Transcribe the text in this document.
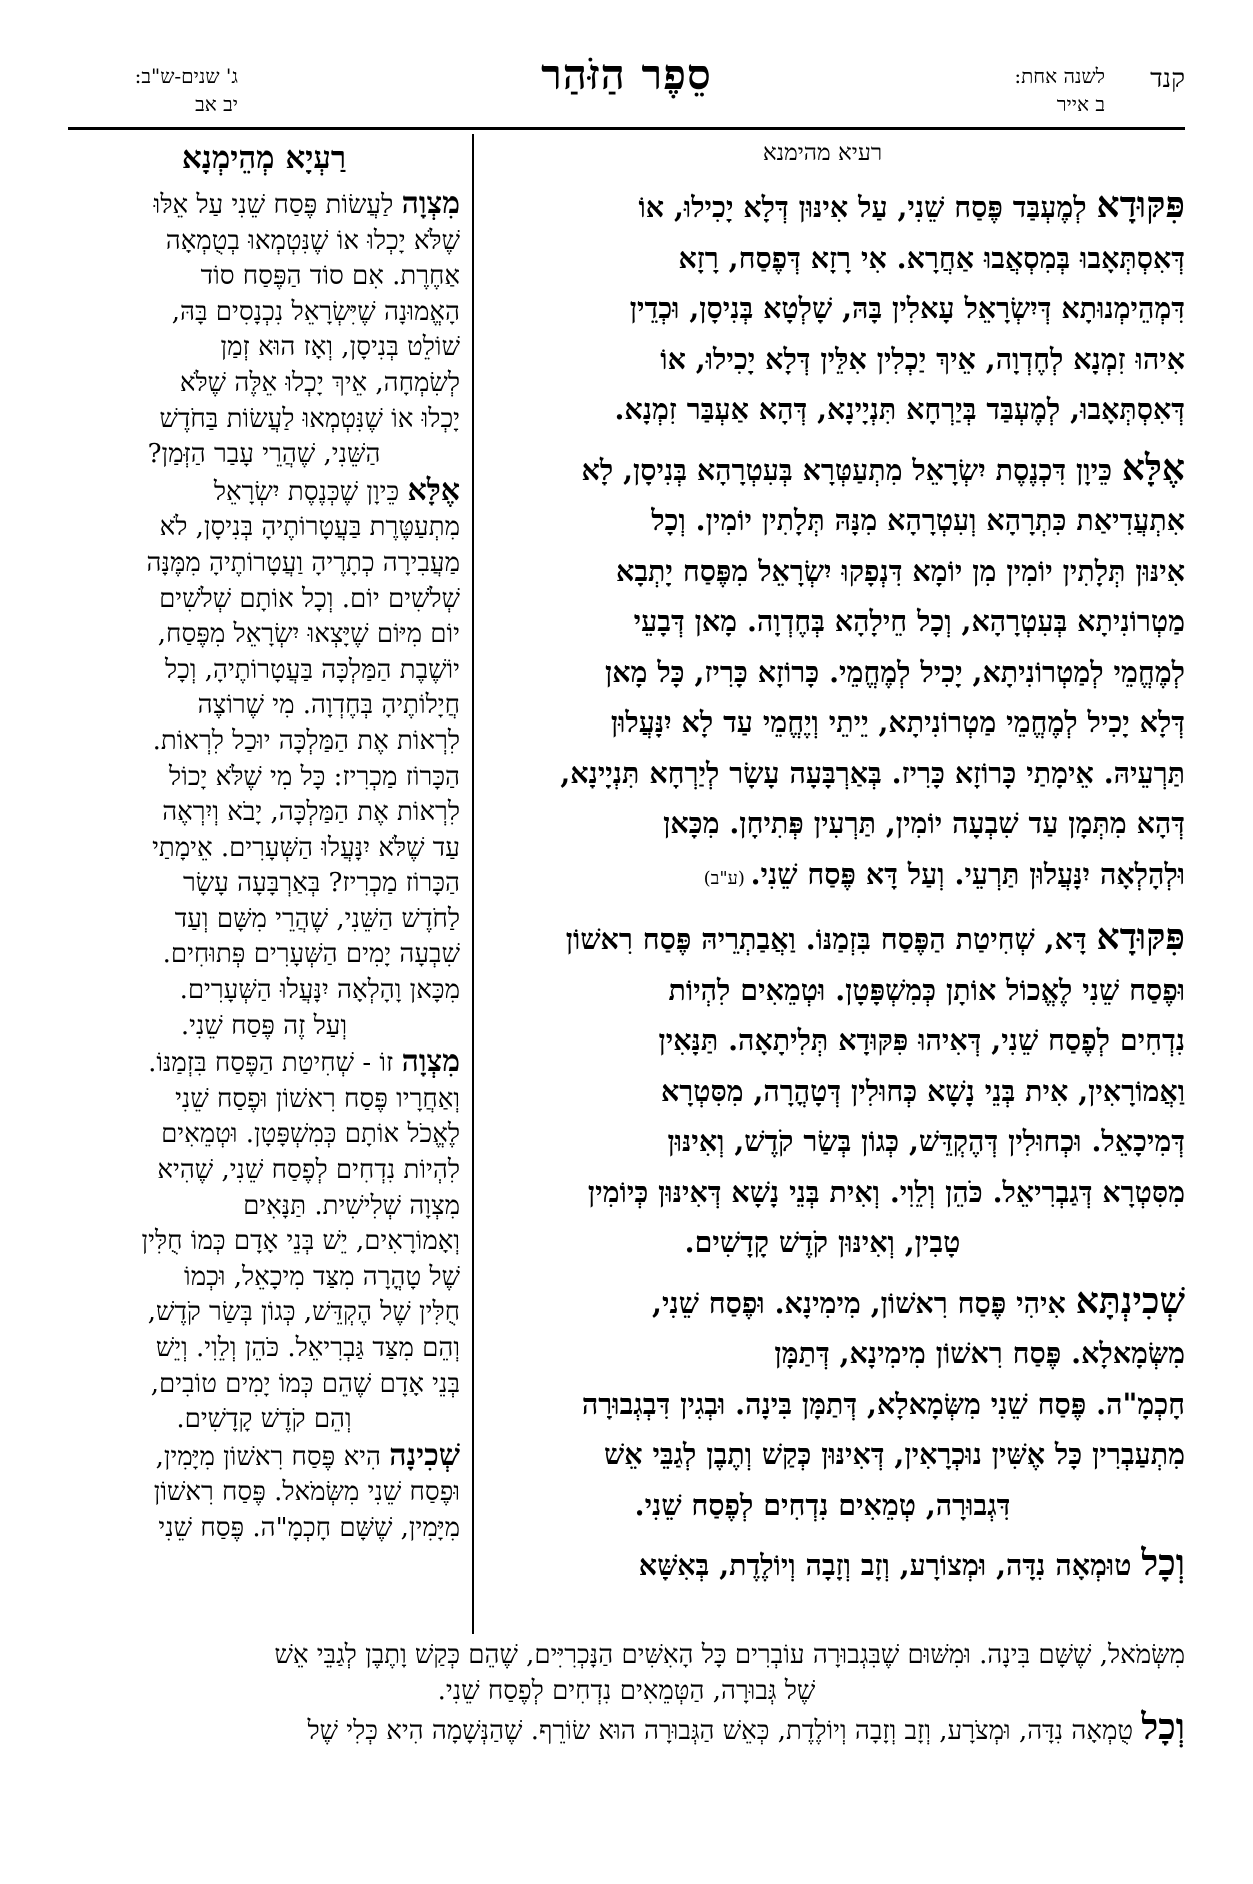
קנד
לשנה אחת:
ב אייר
סֵפֶר הַזֹּהַר
ג' שנים-ש"ב:
יב אב
רעיא מהימנא
פִּקּוּדָא לְמֶעְבַּד פֶּסַח שֵׁנִי, עַל אִינּוּן דְּלָא יָכִילוּ, אוֹ
דְּאִסְתְּאָבוּ בְּמִסְאֲבוּ אַחֲרָא. אִי רָזָא דְּפֶסַח, רָזָא
דִּמְהֵימְנוּתָא דְּיִשְׂרָאֵל עָאלִין בָּהּ, שָׁלְטָא בְּנִיסָן, וּכְדֵין
אִיהוּ זִמְנָא לְחֶדְוָה, אֵיךְ יַכְלִין אִלֵּין דְּלָא יָכִילוּ, אוֹ
דְּאִסְתְּאָבוּ, לְמֶעְבַּד בְּיַרְחָא תִּנְיָינָא, דְּהָא אַעְבַּר זִמְנָא.
אֶלָּא כֵּיוָן דִּכְנֶסֶת יִשְׂרָאֵל מִתְעַטְּרָא בְּעִטְרָהָא בְּנִיסָן, לָא
אִתְעֲדִיאַת כִּתְרָהָא וְעִטְרָהָא מִנָּהּ תְּלָתִין יוֹמִין. וְכָל
אִינּוּן תְּלָתִין יוֹמִין מִן יוֹמָא דִּנְפָקוּ יִשְׂרָאֵל מִפֶּסַח יָתְבָא
מַטְרוֹנִיתָא בְּעִטְרָהָא, וְכָל חֵילָהָא בְּחֶדְוָה. מָאן דְּבָעֵי
לְמֶחֱמֵי לְמַטְרוֹנִיתָא, יָכִיל לְמֶחֱמֵי. כָּרוֹזָא כָּרִיז, כָּל מָאן
דְּלָא יָכִיל לְמֶחֱמֵי מַטְרוֹנִיתָא, יֵיתֵי וְיֶחֱמֵי עַד לָא יִנָּעֲלוּן
תַּרְעֵיהּ. אֵימָתַי כָּרוֹזָא כָּרִיז. בְּאַרְבָּעָה עָשָׂר לְיַרְחָא תִּנְיָינָא,
דְּהָא מִתְּמָן עַד שִׁבְעָה יוֹמִין, תַּרְעִין פְּתִיחָן. מִכָּאן
וּלְהָלְאָה יִנָּעֲלוּן תַּרְעֵי. וְעַל דָּא פֶּסַח שֵׁנִי. (ע"ב)
פִּקּוּדָא דָּא, שְׁחִיטַת הַפֶּסַח בִּזְמַנּוֹ. וַאֲבַתְרֵיהּ פֶּסַח רִאשׁוֹן
וּפֶסַח שֵׁנִי לֶאֱכוֹל אוֹתָן כְּמִשְׁפָּטָן. וּטְמֵאִים לִהְיוֹת
נִדְחִים לְפֶסַח שֵׁנִי, דְּאִיהוּ פִּקּוּדָא תְּלִיתָאָה. תַּנָּאִין
וַאֲמוֹרָאִין, אִית בְּנֵי נָשָׁא כְּחוּלִין דְּטָהֳרָה, מִסִּטְרָא
דְּמִיכָאֵל. וּכְחוּלִין דְּהֶקְדֵּשׁ, כְּגוֹן בְּשַׂר קֹדֶשׁ, וְאִינּוּן
מִסִּטְרָא דְּגַבְרִיאֵל. כֹּהֵן וְלֵוִי. וְאִית בְּנֵי נָשָׁא דְּאִינּוּן כְּיוֹמִין
טָבִין, וְאִינּוּן קֹדֶשׁ קָדָשִׁים.
שְׁכִינְתָּא אִיהִי פֶּסַח רִאשׁוֹן, מִימִינָא. וּפֶסַח שֵׁנִי,
מִשְּׂמָאלָא. פֶּסַח רִאשׁוֹן מִימִינָא, דְּתַמָּן
חָכְמָ"ה. פֶּסַח שֵׁנִי מִשְּׂמָאלָא, דְּתַמָּן בִּינָה. וּבְגִין דִּבְגְבוּרָה
מִתְעַבְרִין כָּל אֶשִּׁין נוּכְרָאִין, דְּאִינּוּן כְּקַשׁ וְתֶבֶן לְגַבֵּי אֵשׁ
דִּגְבוּרָה, טְמֵאִים נִדְחִים לְפֶסַח שֵׁנִי.
וְכָל טוּמְאָה נִדָּה, וּמְצוֹרָע, וְזָב וְזָבָה וְיוֹלֶדֶת, בְּאִשָּׁא
רַעְיָא מְהֵימְנָא
מִצְוָה לַעֲשׂוֹת פֶּסַח שֵׁנִי עַל אֵלּוּ
שֶׁלֹּא יָכְלוּ אוֹ שֶׁנִּטְמְאוּ בְטֻמְאָה
אַחֶרֶת. אִם סוֹד הַפֶּסַח סוֹד
הָאֱמוּנָה שֶׁיִּשְׂרָאֵל נִכְנָסִים בָּהּ,
שׁוֹלֵט בְּנִיסָן, וְאָז הוּא זְמַן
לְשִׂמְחָה, אֵיךְ יָכְלוּ אֵלֶּה שֶׁלֹּא
יָכְלוּ אוֹ שֶׁנִּטְמְאוּ לַעֲשׂוֹת בַּחֹדֶשׁ
הַשֵּׁנִי, שֶׁהֲרֵי עָבַר הַזְּמַן?
אֶלָּא כֵּיוָן שֶׁכְּנֶסֶת יִשְׂרָאֵל
מִתְעַטֶּרֶת בַּעֲטָרוֹתֶיהָ בְּנִיסָן, לֹא
מַעֲבִירָה כְתָרֶיהָ וַעֲטָרוֹתֶיהָ מִמֶּנָּה
שְׁלֹשִׁים יוֹם. וְכָל אוֹתָם שְׁלֹשִׁים
יוֹם מִיּוֹם שֶׁיָּצְאוּ יִשְׂרָאֵל מִפֶּסַח,
יוֹשֶׁבֶת הַמַּלְכָּה בַּעֲטָרוֹתֶיהָ, וְכָל
חֲיָלוֹתֶיהָ בְּחֶדְוָה. מִי שֶׁרוֹצֶה
לִרְאוֹת אֶת הַמַּלְכָּה יוּכַל לִרְאוֹת.
הַכָּרוֹז מַכְרִיז: כָּל מִי שֶׁלֹּא יָכוֹל
לִרְאוֹת אֶת הַמַּלְכָּה, יָבֹא וְיִרְאֶה
עַד שֶׁלֹּא יִנָּעֲלוּ הַשְּׁעָרִים. אֵימָתַי
הַכָּרוֹז מַכְרִיז? בְּאַרְבָּעָה עָשָׂר
לַחֹדֶשׁ הַשֵּׁנִי, שֶׁהֲרֵי מִשָּׁם וְעַד
שִׁבְעָה יָמִים הַשְּׁעָרִים פְּתוּחִים.
מִכָּאן וָהָלְאָה יִנָּעֲלוּ הַשְּׁעָרִים.
וְעַל זֶה פֶּסַח שֵׁנִי.
מִצְוָה זוֹ - שְׁחִיטַת הַפֶּסַח בִּזְמַנּוֹ.
וְאַחֲרָיו פֶּסַח רִאשׁוֹן וּפֶסַח שֵׁנִי
לֶאֱכֹל אוֹתָם כְּמִשְׁפָּטָן. וּטְמֵאִים
לִהְיוֹת נִדְחִים לְפֶסַח שֵׁנִי, שֶׁהִיא
מִצְוָה שְׁלִישִׁית. תַּנָּאִים
וְאָמוֹרָאִים, יֵשׁ בְּנֵי אָדָם כְּמוֹ חֻלִּין
שֶׁל טָהֳרָה מִצַּד מִיכָאֵל, וּכְמוֹ
חֻלִּין שֶׁל הֶקְדֵּשׁ, כְּגוֹן בְּשַׂר קֹדֶשׁ,
וְהֵם מִצַּד גַּבְרִיאֵל. כֹּהֵן וְלֵוִי. וְיֵשׁ
בְּנֵי אָדָם שֶׁהֵם כְּמוֹ יָמִים טוֹבִים,
וְהֵם קֹדֶשׁ קָדָשִׁים.
שְׁכִינָה הִיא פֶּסַח רִאשׁוֹן מִיָּמִין,
וּפֶסַח שֵׁנִי מִשְּׂמֹאל. פֶּסַח רִאשׁוֹן
מִיָּמִין, שֶׁשָּׁם חָכְמָ"ה. פֶּסַח שֵׁנִי
מִשְּׂמֹאל, שֶׁשָּׁם בִּינָה. וּמִשּׁוּם שֶׁבִּגְבוּרָה עוֹבְרִים כָּל הָאִשִּׁים הַנָּכְרִיִּים, שֶׁהֵם כְּקַשׁ וָתֶבֶן לְגַבֵּי אֵשׁ
שֶׁל גְּבוּרָה, הַטְּמֵאִים נִדְחִים לְפֶסַח שֵׁנִי.
וְכָל טֻמְאָה נִדָּה, וּמְצֹרָע, וְזָב וְזָבָה וְיוֹלֶדֶת, כְּאֵשׁ הַגְּבוּרָה הוּא שׂוֹרֵף. שֶׁהַנְּשָׁמָה הִיא כְּלִי שֶׁל
